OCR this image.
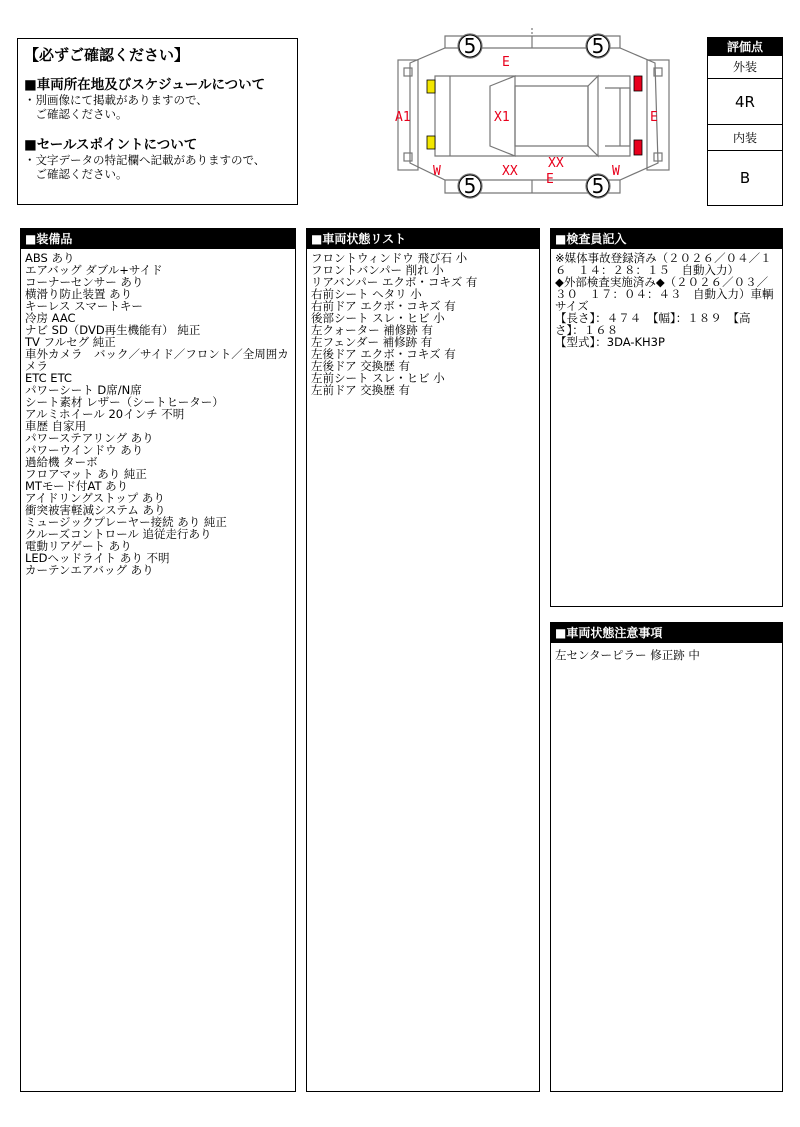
【必ずご確認ください】
■車両所在地及びスケジュールについて
・別画像にて掲載がありますので、
　ご確認ください。
■セールスポイントについて
・文字データの特記欄へ記載がありますので、
　ご確認ください。
5	5
5	5
E
A1	X1	E
W	XX
XX
E
W
評価点
外装
4R
内装
B
■装備品
ABS あり
エアバッグ ダブル+サイド
コーナーセンサー あり
横滑り防止装置 あり
キーレス スマートキー
冷房 AAC
ナビ SD（DVD再生機能有） 純正
TV フルセグ 純正
車外カメラ　バック／サイド／フロント／全周囲カメラ
ETC ETC
パワーシート D席/N席
シート素材 レザー（シートヒーター）
アルミホイール 20インチ 不明
車歴 自家用
パワーステアリング あり
パワーウインドウ あり
過給機 ターボ
フロアマット あり 純正
MTモード付AT あり
アイドリングストップ あり
衝突被害軽減システム あり
ミュージックプレーヤー接続 あり 純正
クルーズコントロール 追従走行あり
電動リアゲート あり
LEDヘッドライト あり 不明
カーテンエアバッグ あり
■車両状態リスト
フロントウィンドウ 飛び石 小
フロントバンパー 削れ 小
リアバンパー エクボ・コキズ 有
右前シート ヘタリ 小
右前ドア エクボ・コキズ 有
後部シート スレ・ヒビ 小
左クォーター 補修跡 有
左フェンダー 補修跡 有
左後ドア エクボ・コキズ 有
左後ドア 交換歴 有
左前シート スレ・ヒビ 小
左前ドア 交換歴 有
■検査員記入
※媒体事故登録済み（２０２６／０４／１６　１４：２８：１５　自動入力）
◆外部検査実施済み◆（２０２６／０３／３０　１７：０４：４３　自動入力）車輌サイズ
【長さ】：４７４　【幅】：１８９　【高さ】：１６８
【型式】：3DA-KH3P
■車両状態注意事項
左センターピラー 修正跡 中
